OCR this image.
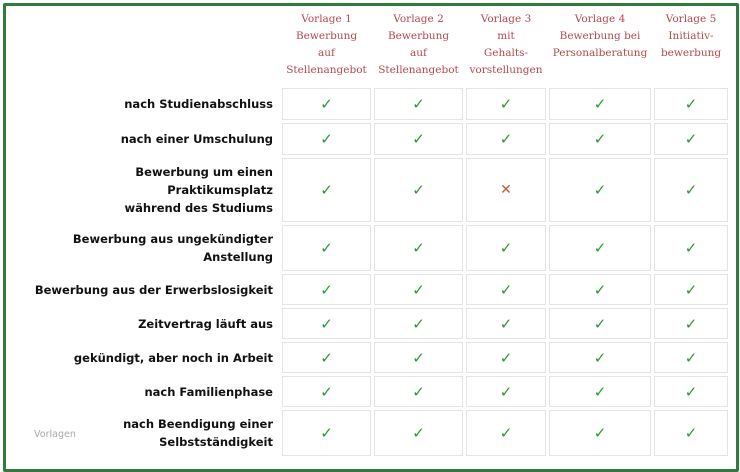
	Vorlage 1
Bewerbung
auf
Stellenangebot	Vorlage 2
Bewerbung
auf
Stellenangebot	Vorlage 3
mit
Gehalts-
vorstellungen	Vorlage 4
Bewerbung bei
Personalberatung	Vorlage 5
Initiativ-
bewerbung

nach Studienabschluss	✓	✓	✓	✓	✓

nach einer Umschulung	✓	✓	✓	✓	✓

Bewerbung um einen
Praktikumsplatz
während des Studiums	✓	✓	✕	✓	✓

Bewerbung aus ungekündigter
Anstellung	✓	✓	✓	✓	✓

Bewerbung aus der Erwerbslosigkeit	✓	✓	✓	✓	✓

Zeitvertrag läuft aus	✓	✓	✓	✓	✓

gekündigt, aber noch in Arbeit	✓	✓	✓	✓	✓

nach Familienphase	✓	✓	✓	✓	✓

nach Beendigung einer
Selbstständigkeit	✓	✓	✓	✓	✓
Vorlagen
